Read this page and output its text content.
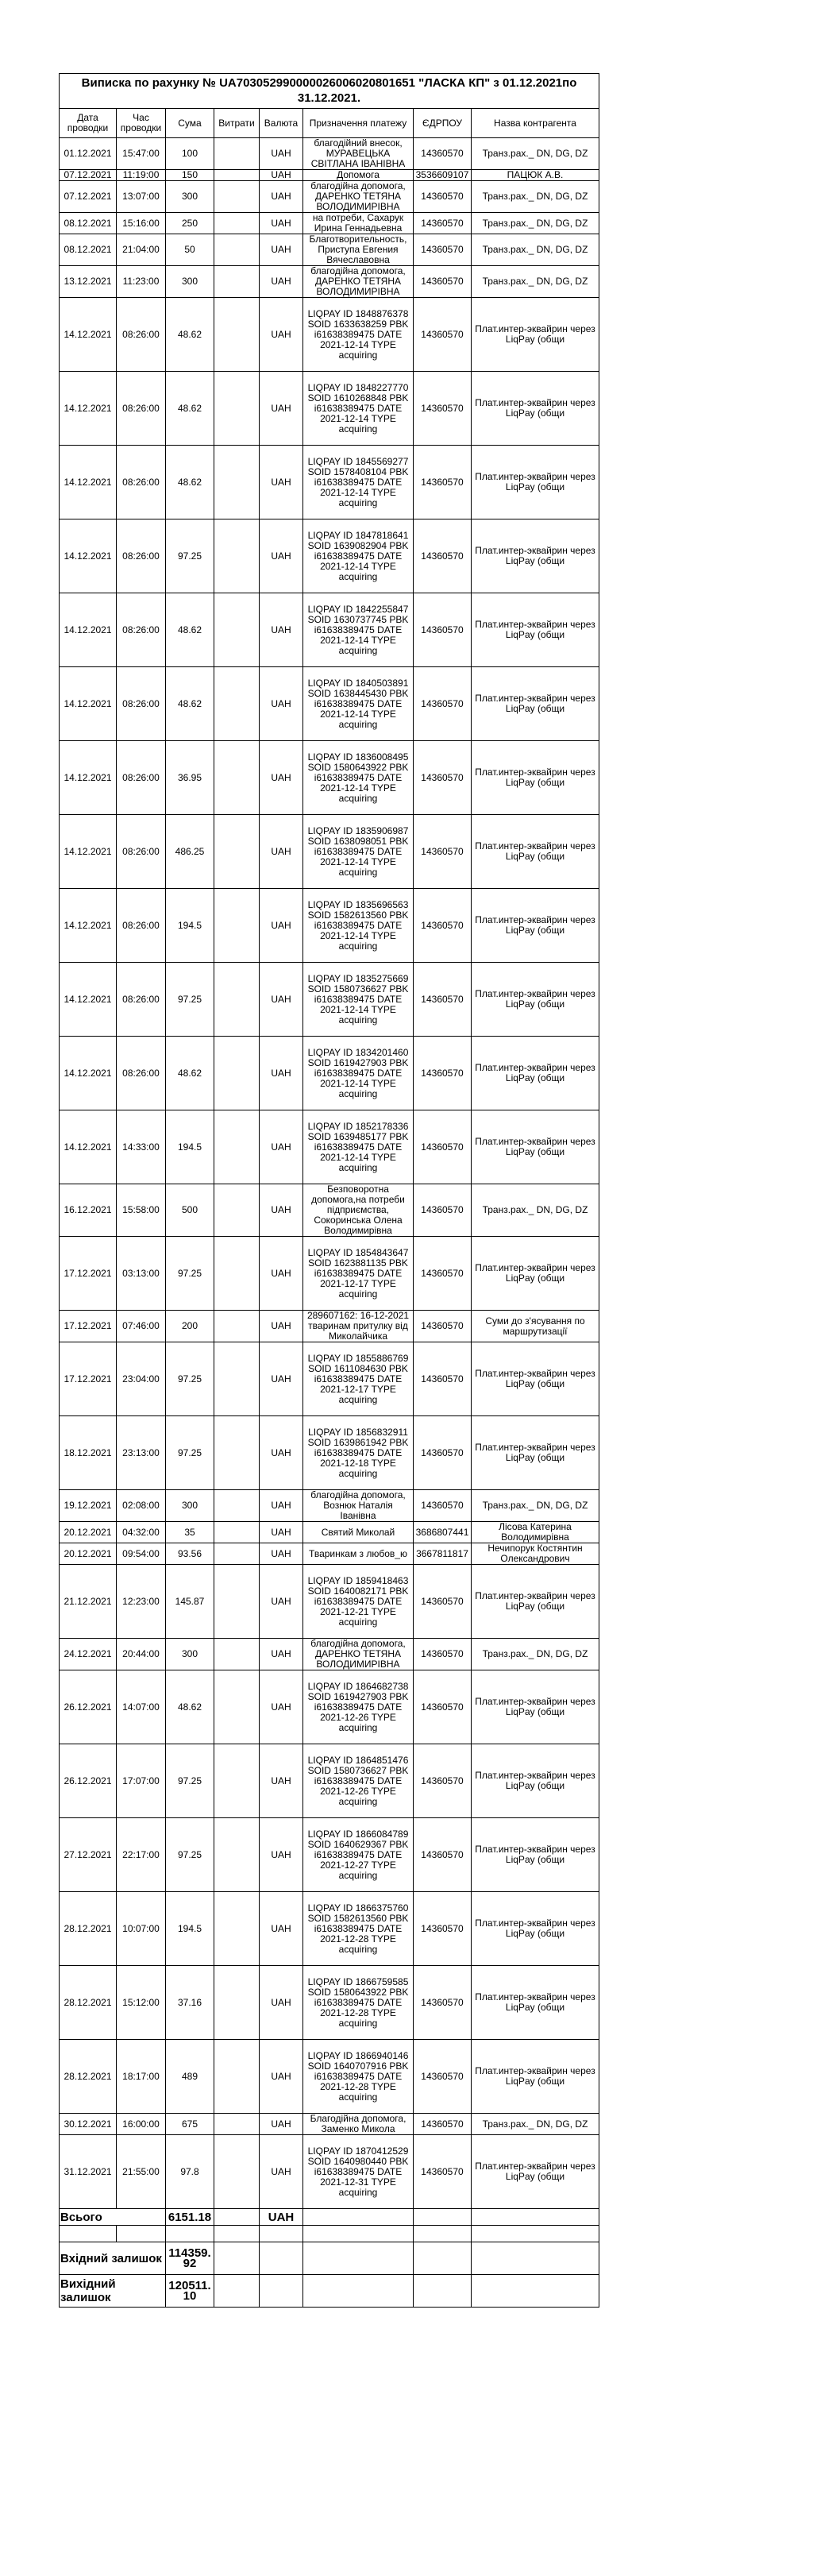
Виписка по рахунку № UA703052990000026006020801651 "ЛАСКА КП" з 01.12.2021по 31.12.2021.							
Дата проводки	Час проводки	Сума	Витрати	Валюта	Призначення платежу	ЄДРПОУ	Назва контрагента
01.12.2021	15:47:00	100		UAH	благодійний внесок, МУРАВЕЦЬКА СВІТЛАНА ІВАНІВНА	14360570	Транз.рах._ DN, DG, DZ
07.12.2021	11:19:00	150		UAH	Допомога	3536609107	ПАЦЮК А.В.
07.12.2021	13:07:00	300		UAH	благодійна допомога, ДАРЕНКО ТЕТЯНА ВОЛОДИМИРІВНА	14360570	Транз.рах._ DN, DG, DZ
08.12.2021	15:16:00	250		UAH	на потреби, Сахарук Ирина Геннадьевна	14360570	Транз.рах._ DN, DG, DZ
08.12.2021	21:04:00	50		UAH	Благотворительность, Приступа Евгения Вячеславовна	14360570	Транз.рах._ DN, DG, DZ
13.12.2021	11:23:00	300		UAH	благодійна допомога, ДАРЕНКО ТЕТЯНА ВОЛОДИМИРІВНА	14360570	Транз.рах._ DN, DG, DZ
14.12.2021	08:26:00	48.62		UAH	LIQPAY ID 1848876378 SOID 1633638259 PBK i61638389475 DATE 2021-12-14 TYPE acquiring	14360570	Плат.интер-эквайрин через LiqPay (общи
14.12.2021	08:26:00	48.62		UAH	LIQPAY ID 1848227770 SOID 1610268848 PBK i61638389475 DATE 2021-12-14 TYPE acquiring	14360570	Плат.интер-эквайрин через LiqPay (общи
14.12.2021	08:26:00	48.62		UAH	LIQPAY ID 1845569277 SOID 1578408104 PBK i61638389475 DATE 2021-12-14 TYPE acquiring	14360570	Плат.интер-эквайрин через LiqPay (общи
14.12.2021	08:26:00	97.25		UAH	LIQPAY ID 1847818641 SOID 1639082904 PBK i61638389475 DATE 2021-12-14 TYPE acquiring	14360570	Плат.интер-эквайрин через LiqPay (общи
14.12.2021	08:26:00	48.62		UAH	LIQPAY ID 1842255847 SOID 1630737745 PBK i61638389475 DATE 2021-12-14 TYPE acquiring	14360570	Плат.интер-эквайрин через LiqPay (общи
14.12.2021	08:26:00	48.62		UAH	LIQPAY ID 1840503891 SOID 1638445430 PBK i61638389475 DATE 2021-12-14 TYPE acquiring	14360570	Плат.интер-эквайрин через LiqPay (общи
14.12.2021	08:26:00	36.95		UAH	LIQPAY ID 1836008495 SOID 1580643922 PBK i61638389475 DATE 2021-12-14 TYPE acquiring	14360570	Плат.интер-эквайрин через LiqPay (общи
14.12.2021	08:26:00	486.25		UAH	LIQPAY ID 1835906987 SOID 1638098051 PBK i61638389475 DATE 2021-12-14 TYPE acquiring	14360570	Плат.интер-эквайрин через LiqPay (общи
14.12.2021	08:26:00	194.5		UAH	LIQPAY ID 1835696563 SOID 1582613560 PBK i61638389475 DATE 2021-12-14 TYPE acquiring	14360570	Плат.интер-эквайрин через LiqPay (общи
14.12.2021	08:26:00	97.25		UAH	LIQPAY ID 1835275669 SOID 1580736627 PBK i61638389475 DATE 2021-12-14 TYPE acquiring	14360570	Плат.интер-эквайрин через LiqPay (общи
14.12.2021	08:26:00	48.62		UAH	LIQPAY ID 1834201460 SOID 1619427903 PBK i61638389475 DATE 2021-12-14 TYPE acquiring	14360570	Плат.интер-эквайрин через LiqPay (общи
14.12.2021	14:33:00	194.5		UAH	LIQPAY ID 1852178336 SOID 1639485177 PBK i61638389475 DATE 2021-12-14 TYPE acquiring	14360570	Плат.интер-эквайрин через LiqPay (общи
16.12.2021	15:58:00	500		UAH	Безповоротна допомога,на потреби підприємства, Сокоринська Олена Володимирівна	14360570	Транз.рах._ DN, DG, DZ
17.12.2021	03:13:00	97.25		UAH	LIQPAY ID 1854843647 SOID 1623881135 PBK i61638389475 DATE 2021-12-17 TYPE acquiring	14360570	Плат.интер-эквайрин через LiqPay (общи
17.12.2021	07:46:00	200		UAH	289607162: 16-12-2021 тваринам притулку від Миколайчика	14360570	Суми до з'ясування по маршрутизації
17.12.2021	23:04:00	97.25		UAH	LIQPAY ID 1855886769 SOID 1611084630 PBK i61638389475 DATE 2021-12-17 TYPE acquiring	14360570	Плат.интер-эквайрин через LiqPay (общи
18.12.2021	23:13:00	97.25		UAH	LIQPAY ID 1856832911 SOID 1639861942 PBK i61638389475 DATE 2021-12-18 TYPE acquiring	14360570	Плат.интер-эквайрин через LiqPay (общи
19.12.2021	02:08:00	300		UAH	благодійна допомога, Вознюк Наталія Іванівна	14360570	Транз.рах._ DN, DG, DZ
20.12.2021	04:32:00	35		UAH	Святий Миколай	3686807441	Лісова Катерина Володимирівна
20.12.2021	09:54:00	93.56		UAH	Тваринкам з любов_ю	3667811817	Нечипорук Костянтин Олександрович
21.12.2021	12:23:00	145.87		UAH	LIQPAY ID 1859418463 SOID 1640082171 PBK i61638389475 DATE 2021-12-21 TYPE acquiring	14360570	Плат.интер-эквайрин через LiqPay (общи
24.12.2021	20:44:00	300		UAH	благодійна допомога, ДАРЕНКО ТЕТЯНА ВОЛОДИМИРІВНА	14360570	Транз.рах._ DN, DG, DZ
26.12.2021	14:07:00	48.62		UAH	LIQPAY ID 1864682738 SOID 1619427903 PBK i61638389475 DATE 2021-12-26 TYPE acquiring	14360570	Плат.интер-эквайрин через LiqPay (общи
26.12.2021	17:07:00	97.25		UAH	LIQPAY ID 1864851476 SOID 1580736627 PBK i61638389475 DATE 2021-12-26 TYPE acquiring	14360570	Плат.интер-эквайрин через LiqPay (общи
27.12.2021	22:17:00	97.25		UAH	LIQPAY ID 1866084789 SOID 1640629367 PBK i61638389475 DATE 2021-12-27 TYPE acquiring	14360570	Плат.интер-эквайрин через LiqPay (общи
28.12.2021	10:07:00	194.5		UAH	LIQPAY ID 1866375760 SOID 1582613560 PBK i61638389475 DATE 2021-12-28 TYPE acquiring	14360570	Плат.интер-эквайрин через LiqPay (общи
28.12.2021	15:12:00	37.16		UAH	LIQPAY ID 1866759585 SOID 1580643922 PBK i61638389475 DATE 2021-12-28 TYPE acquiring	14360570	Плат.интер-эквайрин через LiqPay (общи
28.12.2021	18:17:00	489		UAH	LIQPAY ID 1866940146 SOID 1640707916 PBK i61638389475 DATE 2021-12-28 TYPE acquiring	14360570	Плат.интер-эквайрин через LiqPay (общи
30.12.2021	16:00:00	675		UAH	Благодійна допомога, Заменко Микола	14360570	Транз.рах._ DN, DG, DZ
31.12.2021	21:55:00	97.8		UAH	LIQPAY ID 1870412529 SOID 1640980440 PBK i61638389475 DATE 2021-12-31 TYPE acquiring	14360570	Плат.интер-эквайрин через LiqPay (общи
Всього		6151.18		UAH			

Вхідний залишок		114359.92					
Вихідний залишок		120511.10					
